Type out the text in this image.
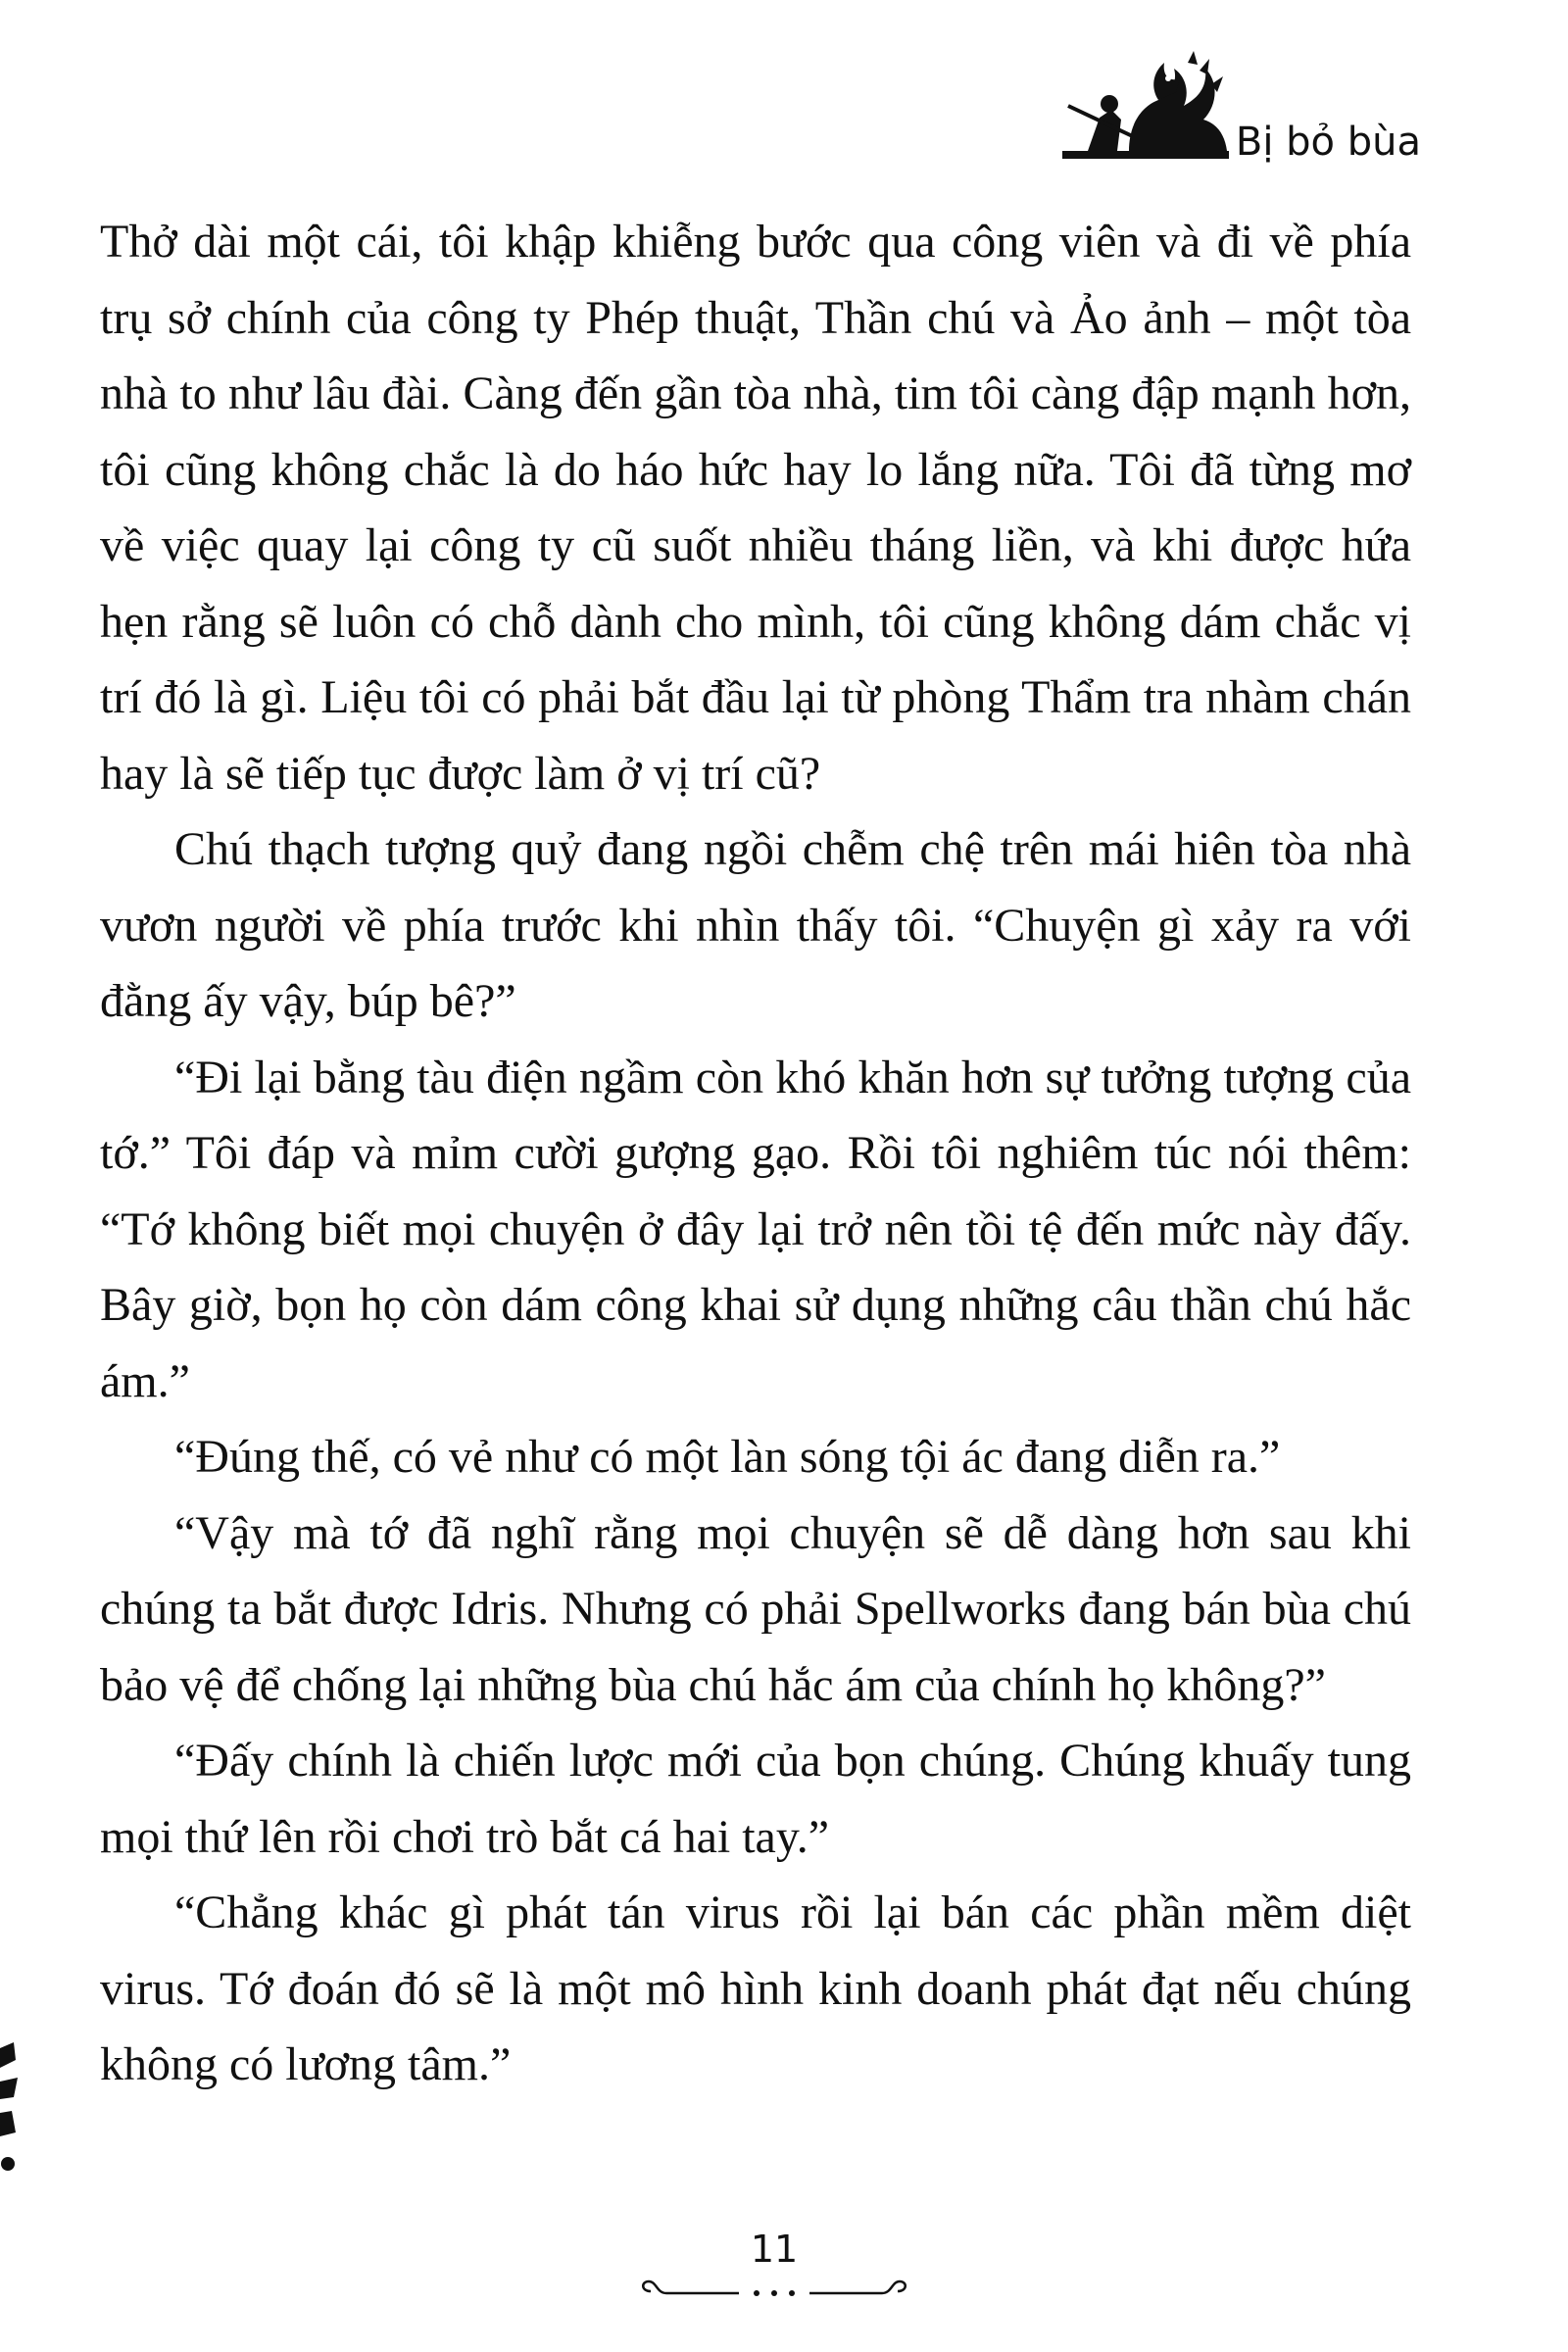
Bị bỏ bùa

Thở dài một cái, tôi khập khiễng bước qua công viên và đi về phía trụ sở chính của công ty Phép thuật, Thần chú và Ảo ảnh – một tòa nhà to như lâu đài. Càng đến gần tòa nhà, tim tôi càng đập mạnh hơn, tôi cũng không chắc là do háo hức hay lo lắng nữa. Tôi đã từng mơ về việc quay lại công ty cũ suốt nhiều tháng liền, và khi được hứa hẹn rằng sẽ luôn có chỗ dành cho mình, tôi cũng không dám chắc vị trí đó là gì. Liệu tôi có phải bắt đầu lại từ phòng Thẩm tra nhàm chán hay là sẽ tiếp tục được làm ở vị trí cũ?

Chú thạch tượng quỷ đang ngồi chễm chệ trên mái hiên tòa nhà vươn người về phía trước khi nhìn thấy tôi. “Chuyện gì xảy ra với đằng ấy vậy, búp bê?”

“Đi lại bằng tàu điện ngầm còn khó khăn hơn sự tưởng tượng của tớ.” Tôi đáp và mỉm cười gượng gạo. Rồi tôi nghiêm túc nói thêm: “Tớ không biết mọi chuyện ở đây lại trở nên tồi tệ đến mức này đấy. Bây giờ, bọn họ còn dám công khai sử dụng những câu thần chú hắc ám.”

“Đúng thế, có vẻ như có một làn sóng tội ác đang diễn ra.”

“Vậy mà tớ đã nghĩ rằng mọi chuyện sẽ dễ dàng hơn sau khi chúng ta bắt được Idris. Nhưng có phải Spellworks đang bán bùa chú bảo vệ để chống lại những bùa chú hắc ám của chính họ không?”

“Đấy chính là chiến lược mới của bọn chúng. Chúng khuấy tung mọi thứ lên rồi chơi trò bắt cá hai tay.”

“Chẳng khác gì phát tán virus rồi lại bán các phần mềm diệt virus. Tớ đoán đó sẽ là một mô hình kinh doanh phát đạt nếu chúng không có lương tâm.”

11
